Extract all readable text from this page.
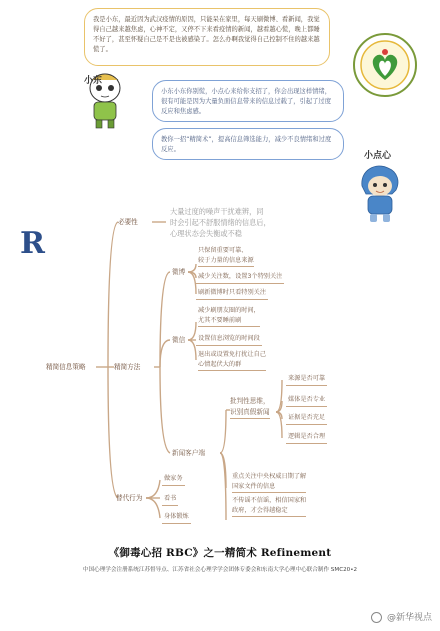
我是小东，最近因为武汉疫情的原因，只能呆在家里，每天刷微博、看新闻，我觉得自己越来越焦虑，心神不定，又停不下来看疫情的新闻，越看越心慌，晚上都睡不好了，甚至怀疑自己是不是也被感染了。怎么办啊我觉得自己控制不住的越来越慌了。
小东
小东小东你别慌，小点心来给你支招了，你会出现这样情绪，很有可能是因为大量负面信息带来的信息过载了，引起了过度反应和焦虑感。
教你一招“精简术”，提高信息筛选能力，减少不良情绪和过度反应。
小点心
R
精简信息策略
必要性
大量过度的噪声干扰难辨，同
时会引起不舒服情绪的信息后，
心理状态会失衡或不稳
精简方法
微博
只保留重要可靠、
较于力量的信息来源
减少关注数，设置3个特别关注
刷新微博时只看特别关注
微信
减少刷朋友圈的时间，
尤其不要睡前刷
设置信息浏览的时间段
退出或设置免打扰让自己
心情起伏大的群
新闻客户端
批判性思维，
识别真假新闻
来源是否可靠
媒体是否专业
证据是否充足
逻辑是否合理
重点关注中央权威日期了解
国家文件的信息
不传谣不信谣，相信国家和
政府，才会得越稳定
替代行为
做家务
看书
身体锻炼
《御毒心招 RBC》之一精简术 Refinement
中国心理学会注册系统江苏督导点、江苏省社会心理学学会团体专委会和东南大学心理中心联合制作 SMC20•2
@新华视点
